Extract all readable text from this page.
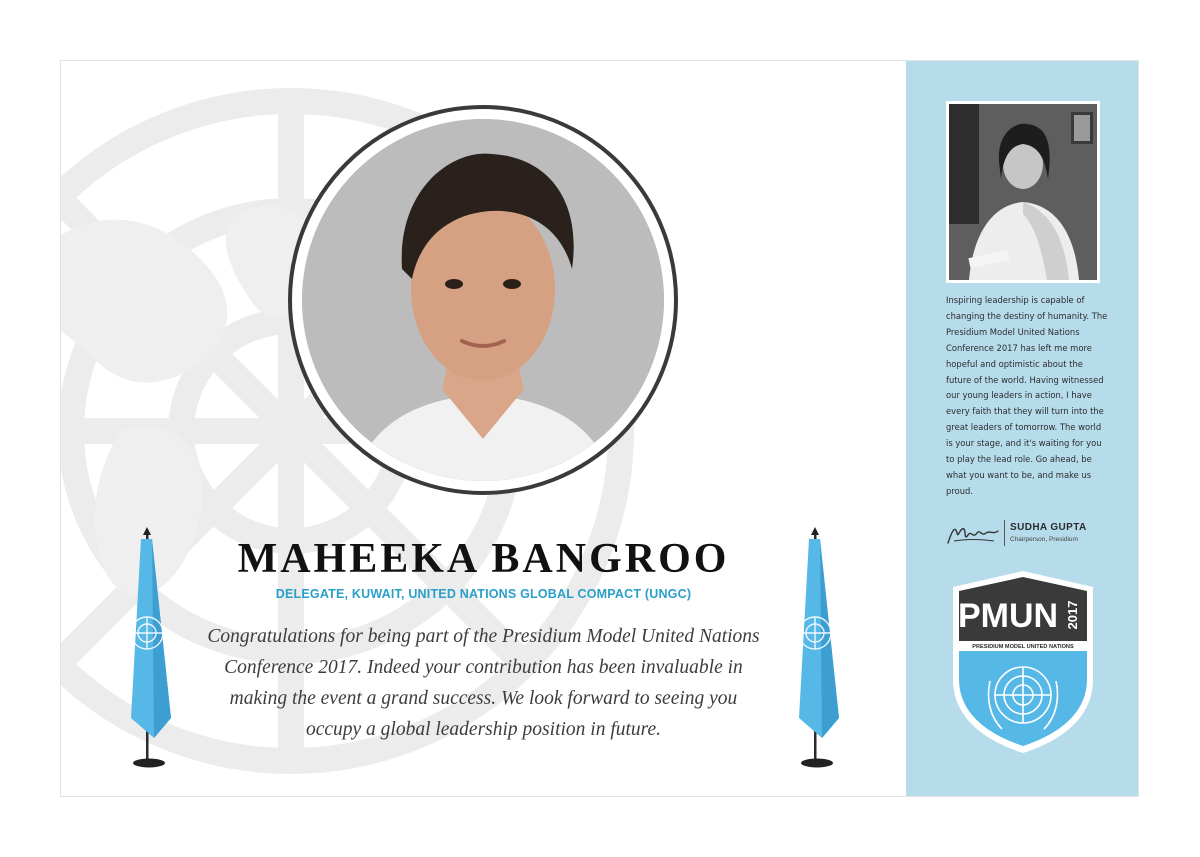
MAHEEKA BANGROO
DELEGATE, KUWAIT, UNITED NATIONS GLOBAL COMPACT (UNGC)
Congratulations for being part of the Presidium Model United Nations Conference 2017. Indeed your contribution has been invaluable in making the event a grand success. We look forward to seeing you occupy a global leadership position in future.
Inspiring leadership is capable of changing the destiny of humanity. The Presidium Model United Nations Conference 2017 has left me more hopeful and optimistic about the future of the world. Having witnessed our young leaders in action, I have every faith that they will turn into the great leaders of tomorrow. The world is your stage, and it's waiting for you to play the lead role. Go ahead, be what you want to be, and make us proud.
SUDHA GUPTA
Chairperson, Presidium
PMUN 2017
PRESIDIUM MODEL UNITED NATIONS
